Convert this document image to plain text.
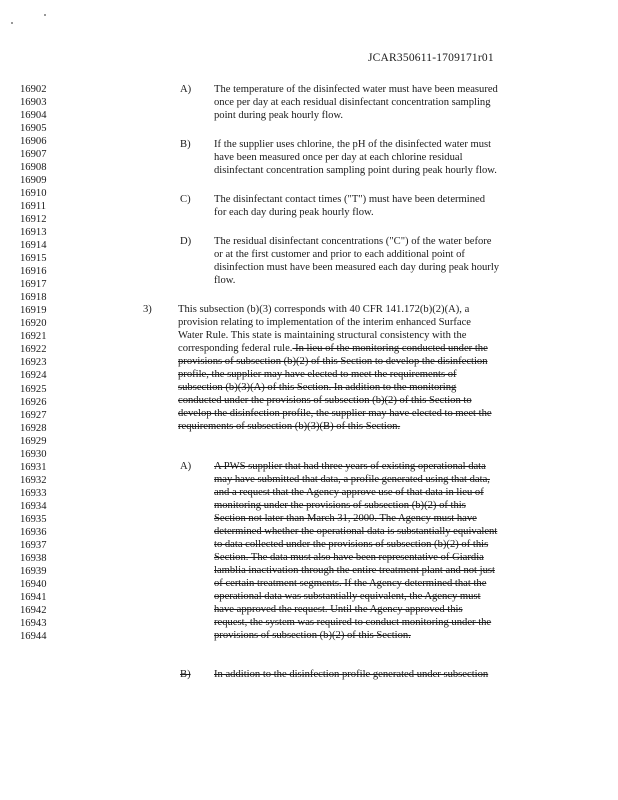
JCAR350611-1709171r01
16902
16903
16904
16905
16906
16907
16908
16909
16910
16911
16912
16913
16914
16915
16916
16917
16918
16919
16920
16921
16922
16923
16924
16925
16926
16927
16928
16929
16930
16931
16932
16933
16934
16935
16936
16937
16938
16939
16940
16941
16942
16943
16944
A) The temperature of the disinfected water must have been measured
once per day at each residual disinfectant concentration sampling
point during peak hourly flow.
B) If the supplier uses chlorine, the pH of the disinfected water must
have been measured once per day at each chlorine residual
disinfectant concentration sampling point during peak hourly flow.
C) The disinfectant contact times ("T") must have been determined
for each day during peak hourly flow.
D) The residual disinfectant concentrations ("C") of the water before
or at the first customer and prior to each additional point of
disinfection must have been measured each day during peak hourly
flow.
3) This subsection (b)(3) corresponds with 40 CFR 141.172(b)(2)(A), a
provision relating to implementation of the interim enhanced Surface
Water Rule. This state is maintaining structural consistency with the
corresponding federal rule. In lieu of the monitoring conducted under the
provisions of subsection (b)(2) of this Section to develop the disinfection
profile, the supplier may have elected to meet the requirements of
subsection (b)(3)(A) of this Section. In addition to the monitoring
conducted under the provisions of subsection (b)(2) of this Section to
develop the disinfection profile, the supplier may have elected to meet the
requirements of subsection (b)(3)(B) of this Section.
A) A PWS supplier that had three years of existing operational data
may have submitted that data, a profile generated using that data,
and a request that the Agency approve use of that data in lieu of
monitoring under the provisions of subsection (b)(2) of this
Section not later than March 31, 2000. The Agency must have
determined whether the operational data is substantially equivalent
to data collected under the provisions of subsection (b)(2) of this
Section. The data must also have been representative of Giardia
lamblia inactivation through the entire treatment plant and not just
of certain treatment segments. If the Agency determined that the
operational data was substantially equivalent, the Agency must
have approved the request. Until the Agency approved this
request, the system was required to conduct monitoring under the
provisions of subsection (b)(2) of this Section.
B) In addition to the disinfection profile generated under subsection
